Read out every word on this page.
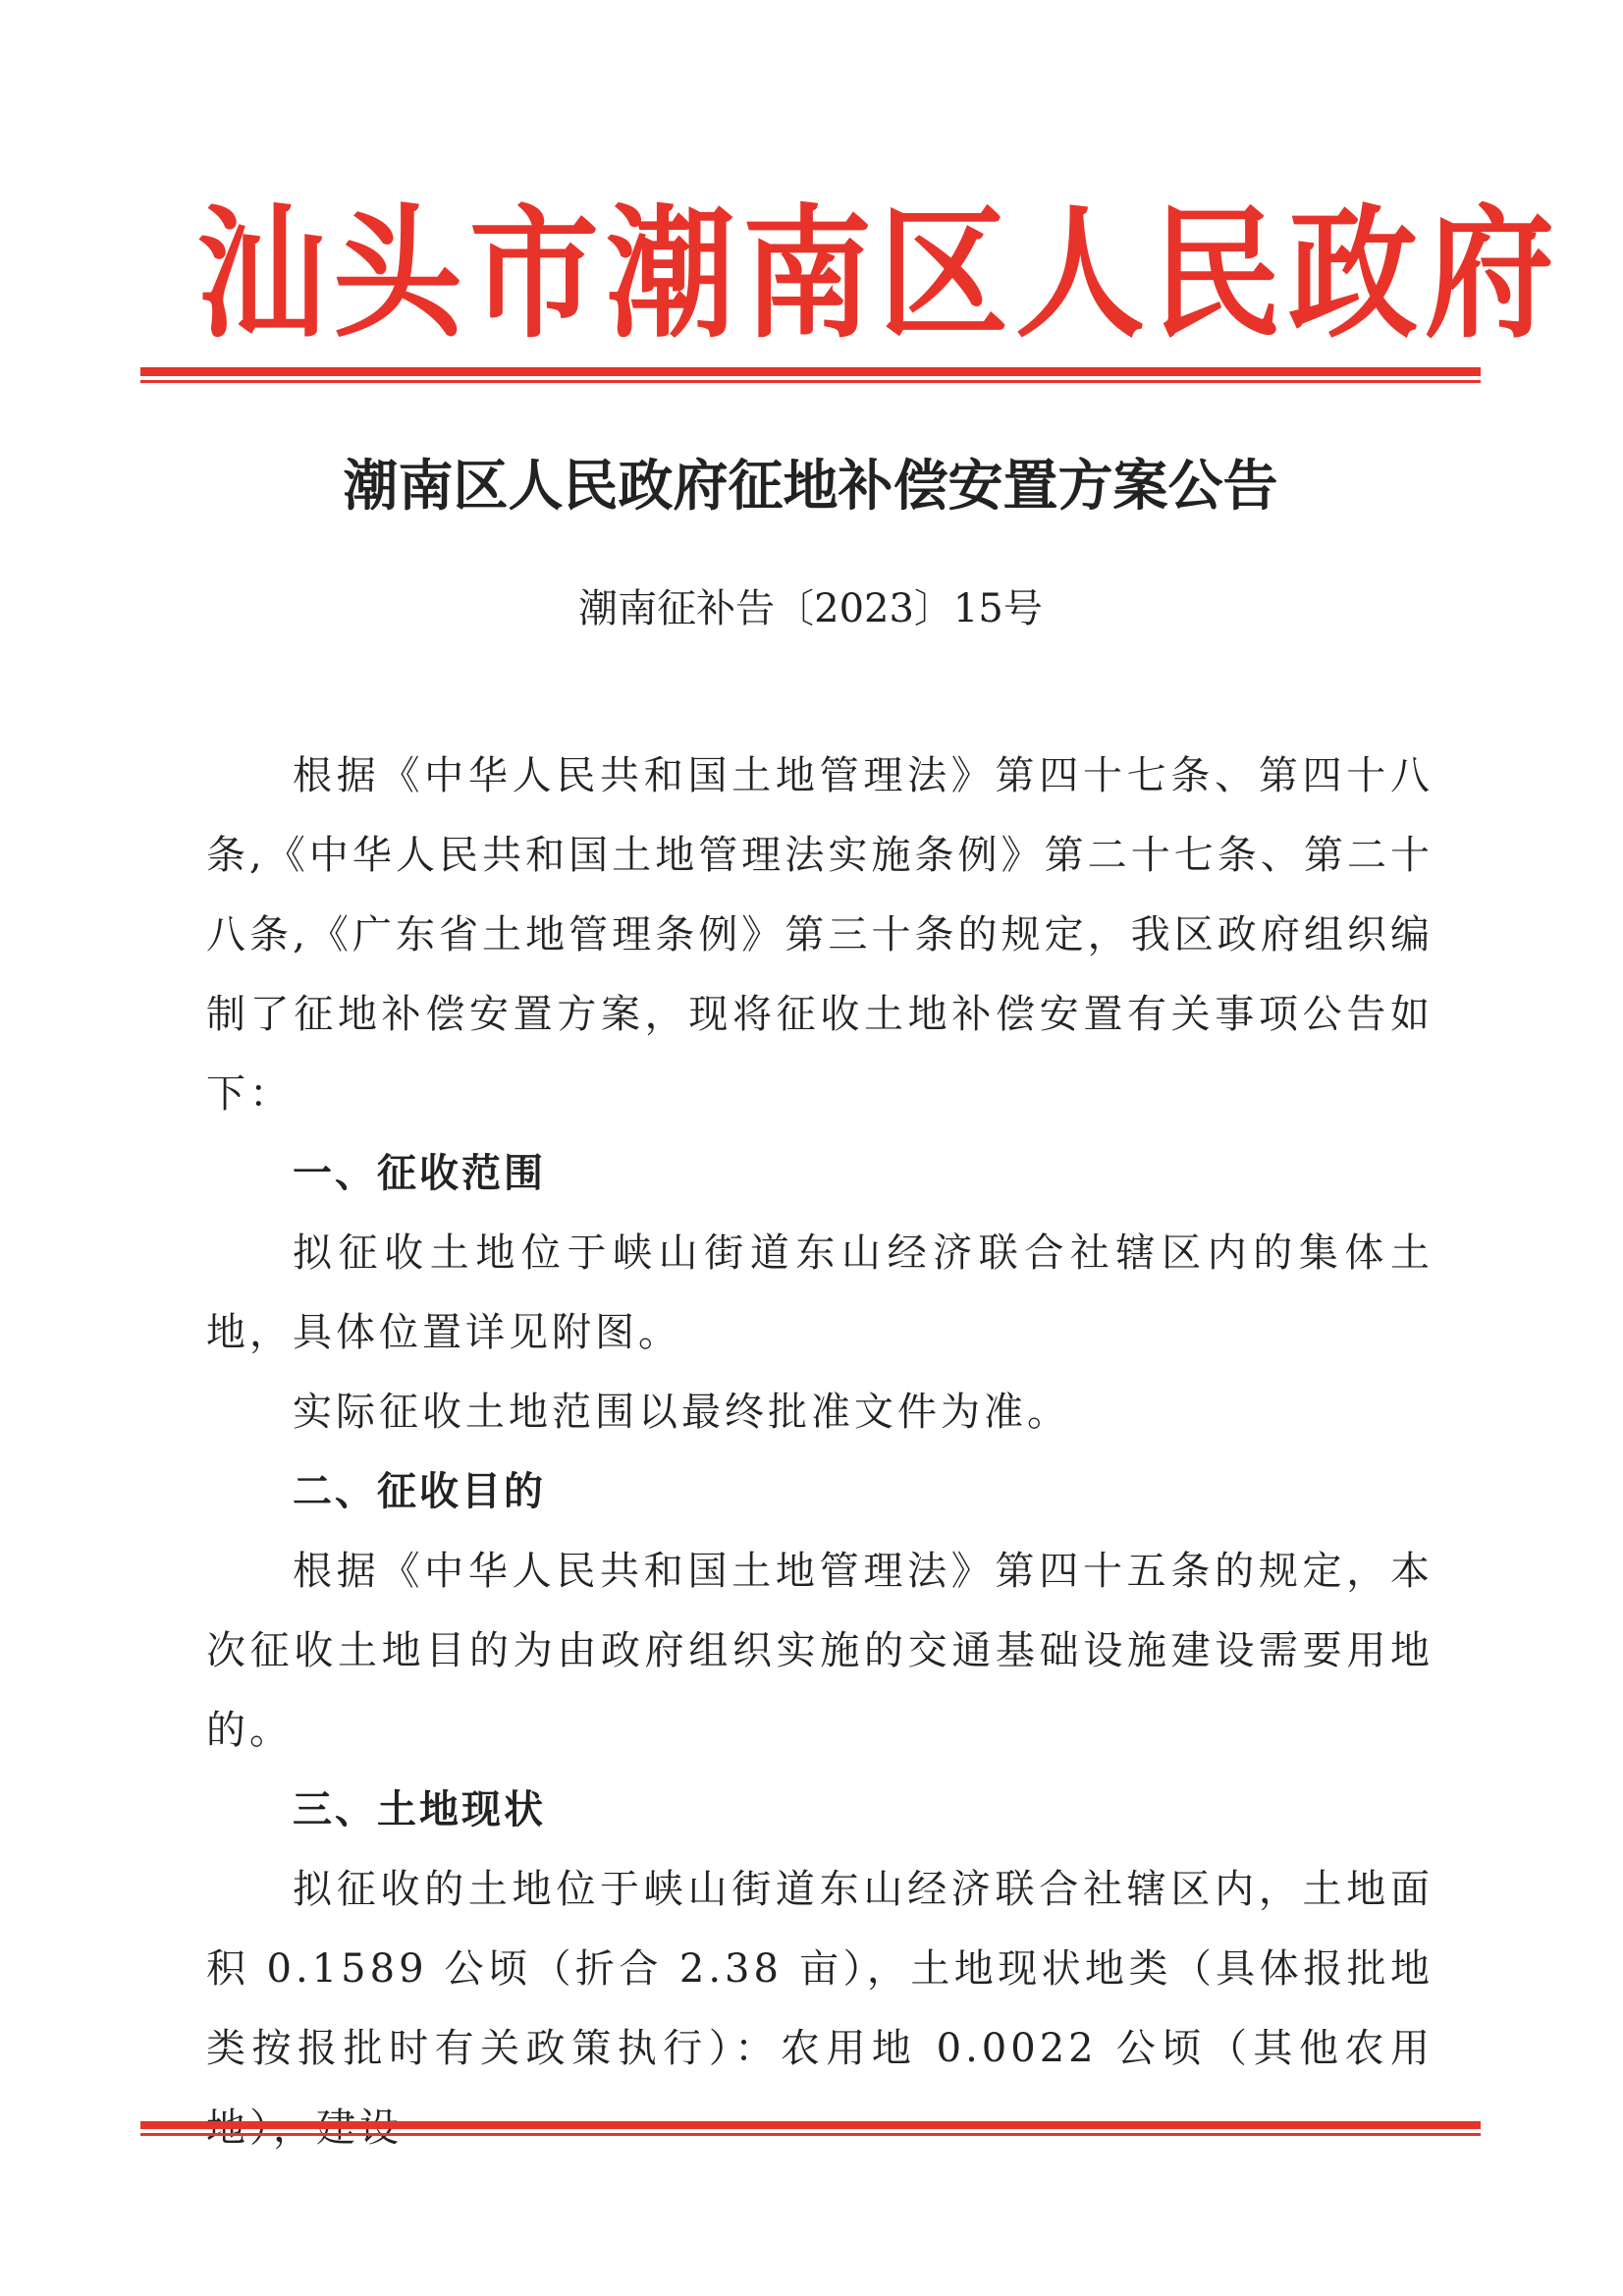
汕头市潮南区人民政府
潮南区人民政府征地补偿安置方案公告
潮南征补告〔2023〕15号

根据《中华人民共和国土地管理法》第四十七条、第四十八条,《中华人民共和国土地管理法实施条例》第二十七条、第二十八条,《广东省土地管理条例》第三十条的规定，我区政府组织编制了征地补偿安置方案，现将征收土地补偿安置有关事项公告如下：

一、征收范围

拟征收土地位于峡山街道东山经济联合社辖区内的集体土地，具体位置详见附图。

实际征收土地范围以最终批准文件为准。

二、征收目的

根据《中华人民共和国土地管理法》第四十五条的规定，本次征收土地目的为由政府组织实施的交通基础设施建设需要用地的。

三、土地现状

拟征收的土地位于峡山街道东山经济联合社辖区内，土地面积 0.1589 公顷（折合 2.38 亩），土地现状地类（具体报批地类按报批时有关政策执行）：农用地 0.0022 公顷（其他农用
